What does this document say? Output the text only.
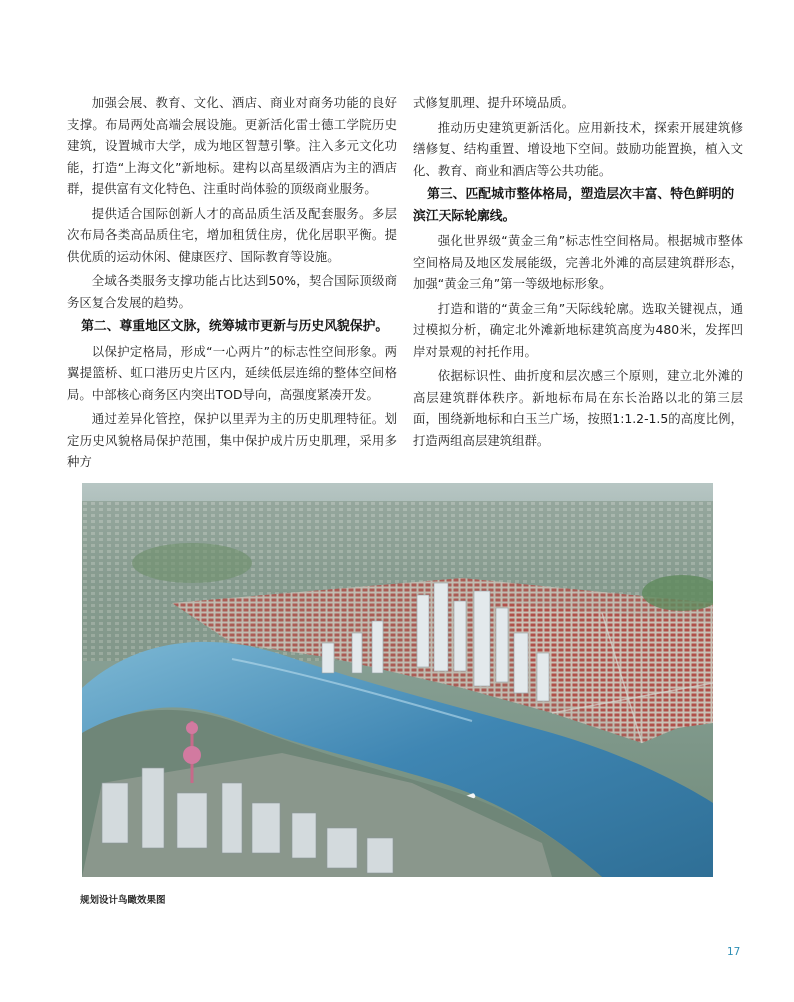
加强会展、教育、文化、酒店、商业对商务功能的良好支撑。布局两处高端会展设施。更新活化雷士德工学院历史建筑，设置城市大学，成为地区智慧引擎。注入多元文化功能，打造“上海文化”新地标。建构以高星级酒店为主的酒店群，提供富有文化特色、注重时尚体验的顶级商业服务。

提供适合国际创新人才的高品质生活及配套服务。多层次布局各类高品质住宅，增加租赁住房，优化居职平衡。提供优质的运动休闲、健康医疗、国际教育等设施。

全域各类服务支撑功能占比达到50%，契合国际顶级商务区复合发展的趋势。

第二、尊重地区文脉，统筹城市更新与历史风貌保护。

以保护定格局，形成“一心两片”的标志性空间形象。两翼提篮桥、虹口港历史片区内，延续低层连绵的整体空间格局。中部核心商务区内突出TOD导向，高强度紧凑开发。

通过差异化管控，保护以里弄为主的历史肌理特征。划定历史风貌格局保护范围，集中保护成片历史肌理，采用多种方

式修复肌理、提升环境品质。

推动历史建筑更新活化。应用新技术，探索开展建筑修缮修复、结构重置、增设地下空间。鼓励功能置换，植入文化、教育、商业和酒店等公共功能。

第三、匹配城市整体格局，塑造层次丰富、特色鲜明的滨江天际轮廓线。

强化世界级“黄金三角”标志性空间格局。根据城市整体空间格局及地区发展能级，完善北外滩的高层建筑群形态，加强“黄金三角”第一等级地标形象。

打造和谐的“黄金三角”天际线轮廓。选取关键视点，通过模拟分析，确定北外滩新地标建筑高度为480米，发挥凹岸对景观的衬托作用。

依据标识性、曲折度和层次感三个原则，建立北外滩的高层建筑群体秩序。新地标布局在东长治路以北的第三层面，围绕新地标和白玉兰广场，按照1:1.2-1.5的高度比例，打造两组高层建筑组群。

规划设计鸟瞰效果图
17
